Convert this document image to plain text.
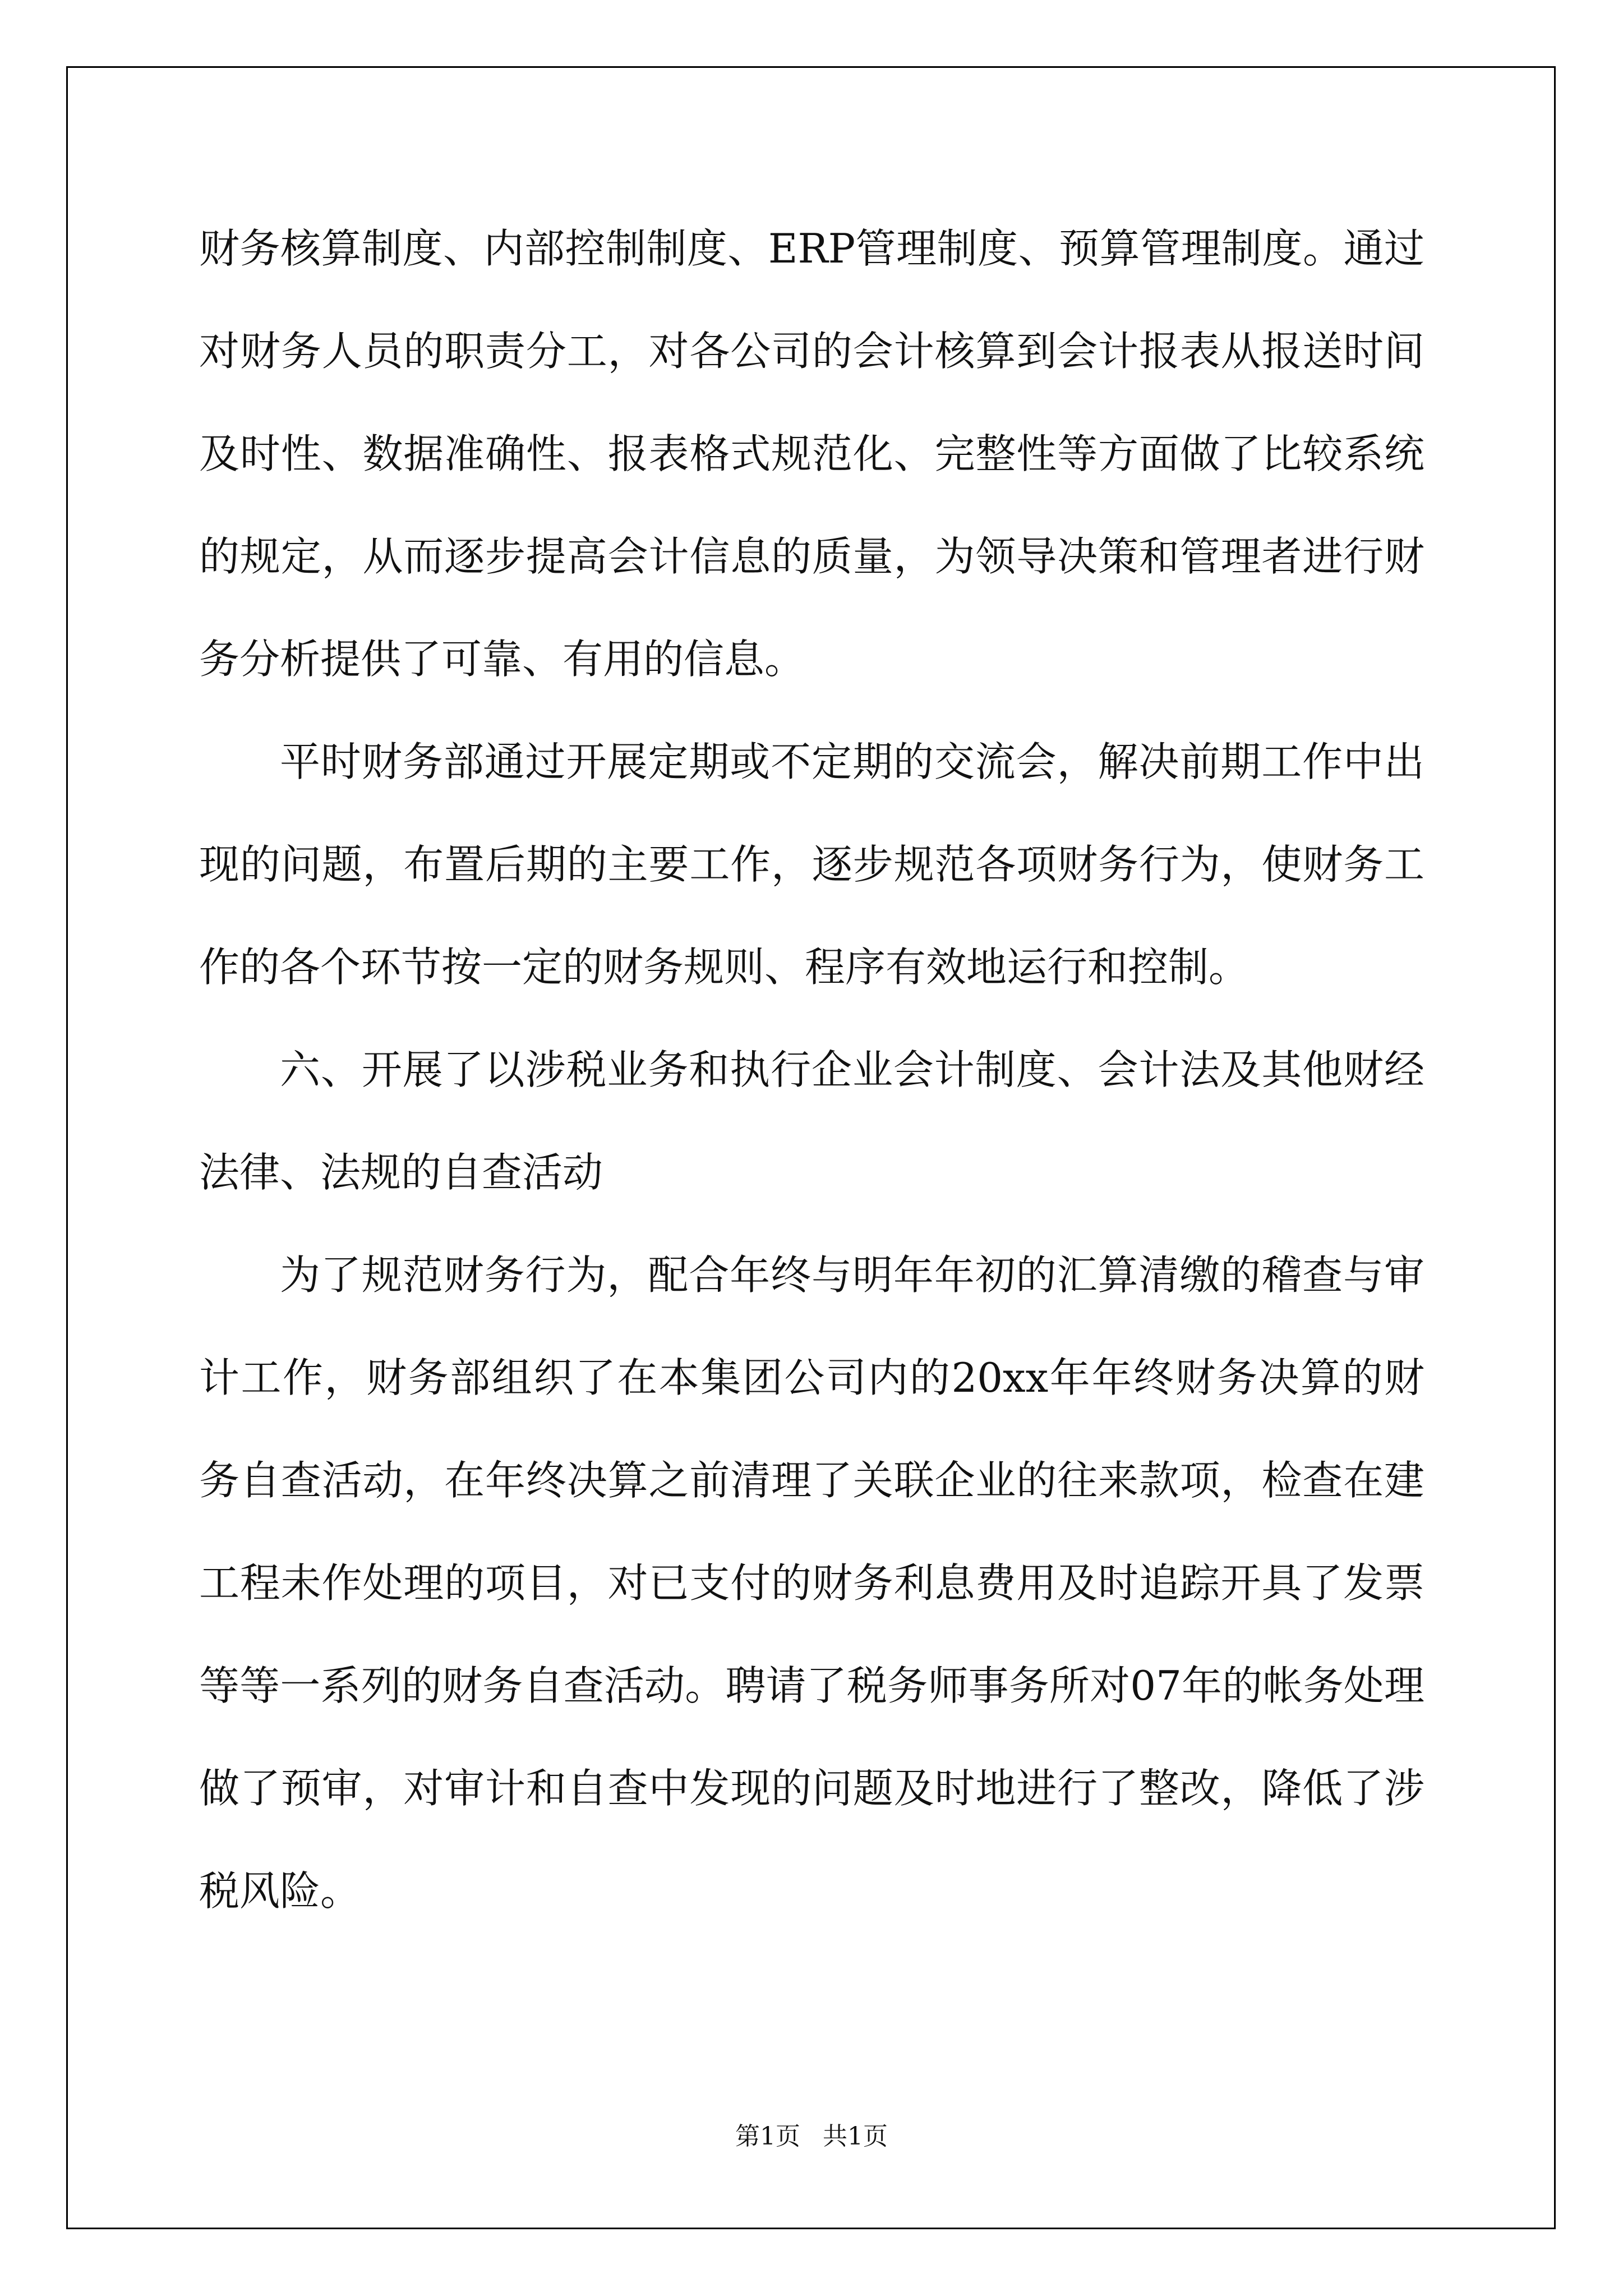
财务核算制度、内部控制制度、ERP管理制度、预算管理制度。通过对财务人员的职责分工，对各公司的会计核算到会计报表从报送时间及时性、数据准确性、报表格式规范化、完整性等方面做了比较系统的规定，从而逐步提高会计信息的质量，为领导决策和管理者进行财务分析提供了可靠、有用的信息。

平时财务部通过开展定期或不定期的交流会，解决前期工作中出现的问题，布置后期的主要工作，逐步规范各项财务行为，使财务工作的各个环节按一定的财务规则、程序有效地运行和控制。

六、开展了以涉税业务和执行企业会计制度、会计法及其他财经法律、法规的自查活动

为了规范财务行为，配合年终与明年年初的汇算清缴的稽查与审计工作，财务部组织了在本集团公司内的20xx年年终财务决算的财务自查活动，在年终决算之前清理了关联企业的往来款项，检查在建工程未作处理的项目，对已支付的财务利息费用及时追踪开具了发票等等一系列的财务自查活动。聘请了税务师事务所对07年的帐务处理做了预审，对审计和自查中发现的问题及时地进行了整改，降低了涉税风险。

第1页 共1页
